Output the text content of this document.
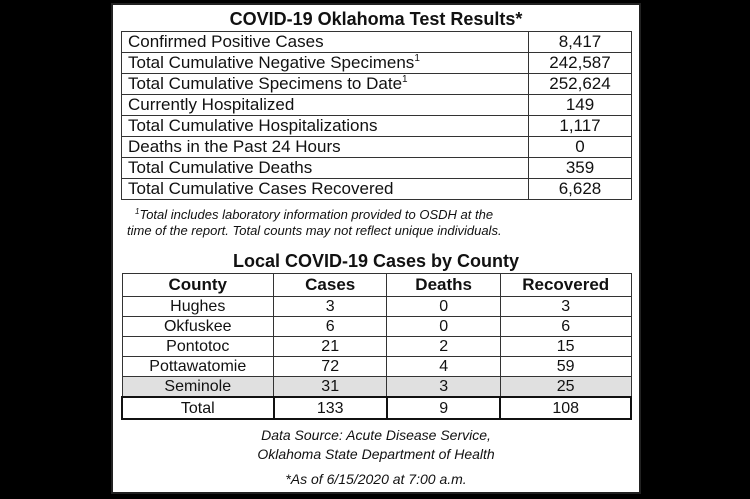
COVID-19 Oklahoma Test Results*
Confirmed Positive Cases	8,417
Total Cumulative Negative Specimens$^1$	242,587
Total Cumulative Specimens to Date$^1$	252,624
Currently Hospitalized	149
Total Cumulative Hospitalizations	1,117
Deaths in the Past 24 Hours	0
Total Cumulative Deaths	359
Total Cumulative Cases Recovered	6,628
$^1$Total includes laboratory information provided to OSDH at the
time of the report. Total counts may not reflect unique individuals.
Local COVID-19 Cases by County
County	Cases	Deaths	Recovered
Hughes	3	0	3
Okfuskee	6	0	6
Pontotoc	21	2	15
Pottawatomie	72	4	59
Seminole	31	3	25
Total	133	9	108
Data Source: Acute Disease Service,
Oklahoma State Department of Health
*As of 6/15/2020 at 7:00 a.m.
